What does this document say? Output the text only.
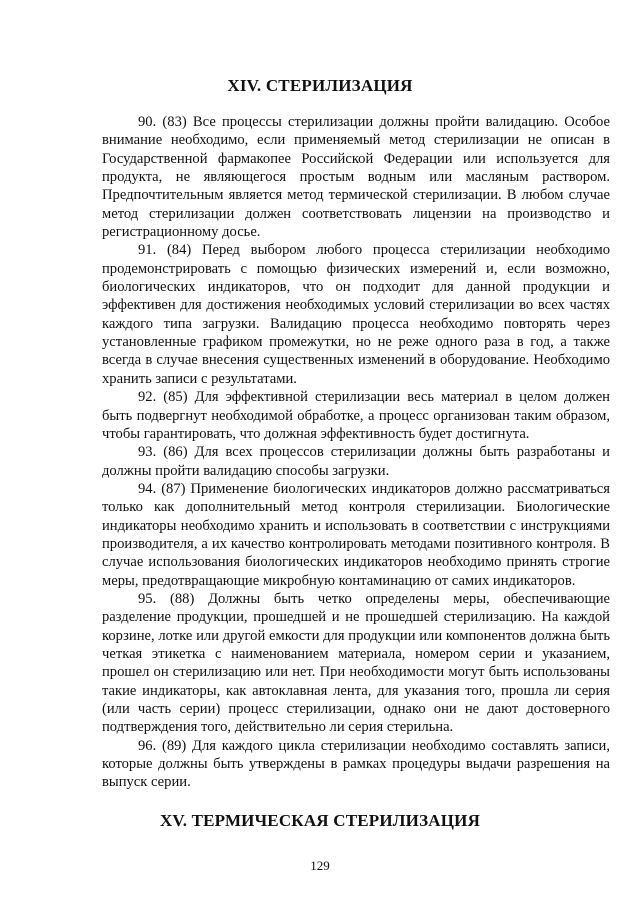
XIV. СТЕРИЛИЗАЦИЯ

90. (83) Все процессы стерилизации должны пройти валидацию. Особое внимание необходимо, если применяемый метод стерилизации не описан в Государственной фармакопее Российской Федерации или используется для продукта, не являющегося простым водным или масляным раствором. Предпочтительным является метод термической стерилизации. В любом случае метод стерилизации должен соответствовать лицензии на производство и регистрационному досье.

91. (84) Перед выбором любого процесса стерилизации необходимо продемонстрировать с помощью физических измерений и, если возможно, биологических индикаторов, что он подходит для данной продукции и эффективен для достижения необходимых условий стерилизации во всех частях каждого типа загрузки. Валидацию процесса необходимо повторять через установленные графиком промежутки, но не реже одного раза в год, а также всегда в случае внесения существенных изменений в оборудование. Необходимо хранить записи с результатами.

92. (85) Для эффективной стерилизации весь материал в целом должен быть подвергнут необходимой обработке, а процесс организован таким образом, чтобы гарантировать, что должная эффективность будет достигнута.

93. (86) Для всех процессов стерилизации должны быть разработаны и должны пройти валидацию способы загрузки.

94. (87) Применение биологических индикаторов должно рассматриваться только как дополнительный метод контроля стерилизации. Биологические индикаторы необходимо хранить и использовать в соответствии с инструкциями производителя, а их качество контролировать методами позитивного контроля. В случае использования биологических индикаторов необходимо принять строгие меры, предотвращающие микробную контаминацию от самих индикаторов.

95. (88) Должны быть четко определены меры, обеспечивающие разделение продукции, прошедшей и не прошедшей стерилизацию. На каждой корзине, лотке или другой емкости для продукции или компонентов должна быть четкая этикетка с наименованием материала, номером серии и указанием, прошел он стерилизацию или нет. При необходимости могут быть использованы такие индикаторы, как автоклавная лента, для указания того, прошла ли серия (или часть серии) процесс стерилизации, однако они не дают достоверного подтверждения того, действительно ли серия стерильна.

96. (89) Для каждого цикла стерилизации необходимо составлять записи, которые должны быть утверждены в рамках процедуры выдачи разрешения на выпуск серии.

XV. ТЕРМИЧЕСКАЯ СТЕРИЛИЗАЦИЯ
129
